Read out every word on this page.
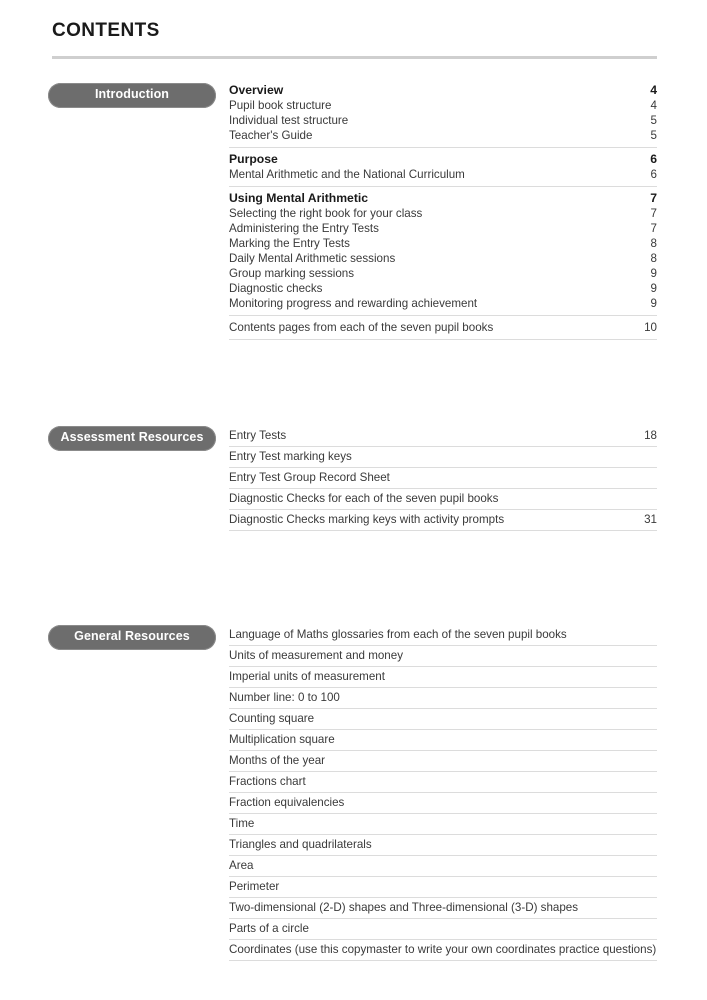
CONTENTS
Introduction	Overview	4
Pupil book structure	4
Individual test structure	5
Teacher's Guide	5
Purpose	6
Mental Arithmetic and the National Curriculum	6
Using Mental Arithmetic	7
Selecting the right book for your class	7
Administering the Entry Tests	7
Marking the Entry Tests	8
Daily Mental Arithmetic sessions	8
Group marking sessions	9
Diagnostic checks	9
Monitoring progress and rewarding achievement	9
Contents pages from each of the seven pupil books	10
Assessment Resources	Entry Tests	18
Entry Test marking keys
Entry Test Group Record Sheet
Diagnostic Checks for each of the seven pupil books
Diagnostic Checks marking keys with activity prompts	31
General Resources	Language of Maths glossaries from each of the seven pupil books
Units of measurement and money
Imperial units of measurement
Number line: 0 to 100
Counting square
Multiplication square
Months of the year
Fractions chart
Fraction equivalencies
Time
Triangles and quadrilaterals
Area
Perimeter
Two-dimensional (2-D) shapes and Three-dimensional (3-D) shapes
Parts of a circle
Coordinates (use this copymaster to write your own coordinates practice questions)
